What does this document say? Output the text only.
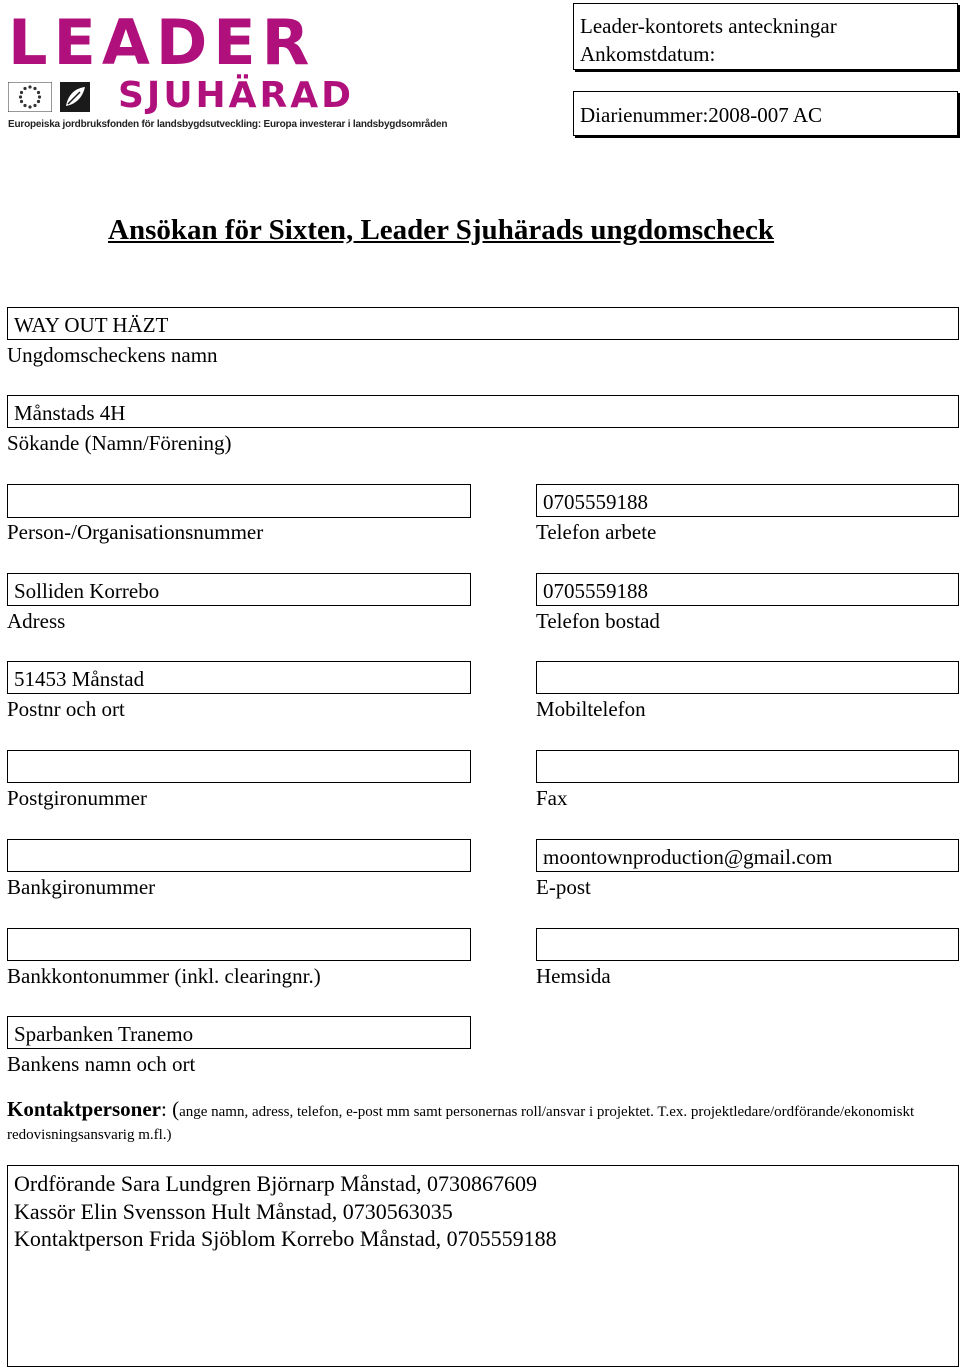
LEADER
SJUHÄRAD
Europeiska jordbruksfonden för landsbygdsutveckling: Europa investerar i landsbygdsområden
Leader-kontorets anteckningar
Ankomstdatum:
Diarienummer:2008-007 AC
Ansökan för Sixten, Leader Sjuhärads ungdomscheck
WAY OUT HÄZT
Ungdomscheckens namn
Månstads 4H
Sökande (Namn/Förening)
Person-/Organisationsnummer
Solliden Korrebo
Adress
51453 Månstad
Postnr och ort
Postgironummer
Bankgironummer
Bankkontonummer (inkl. clearingnr.)
Sparbanken Tranemo
Bankens namn och ort
0705559188
Telefon arbete
0705559188
Telefon bostad
Mobiltelefon
Fax
moontownproduction@gmail.com
E-post
Hemsida
Kontaktpersoner: (ange namn, adress, telefon, e-post mm samt personernas roll/ansvar i projektet. T.ex. projektledare/ordförande/ekonomiskt redovisningsansvarig m.fl.)
Ordförande Sara Lundgren Björnarp Månstad, 0730867609
Kassör Elin Svensson Hult Månstad, 0730563035
Kontaktperson Frida Sjöblom Korrebo Månstad, 0705559188
